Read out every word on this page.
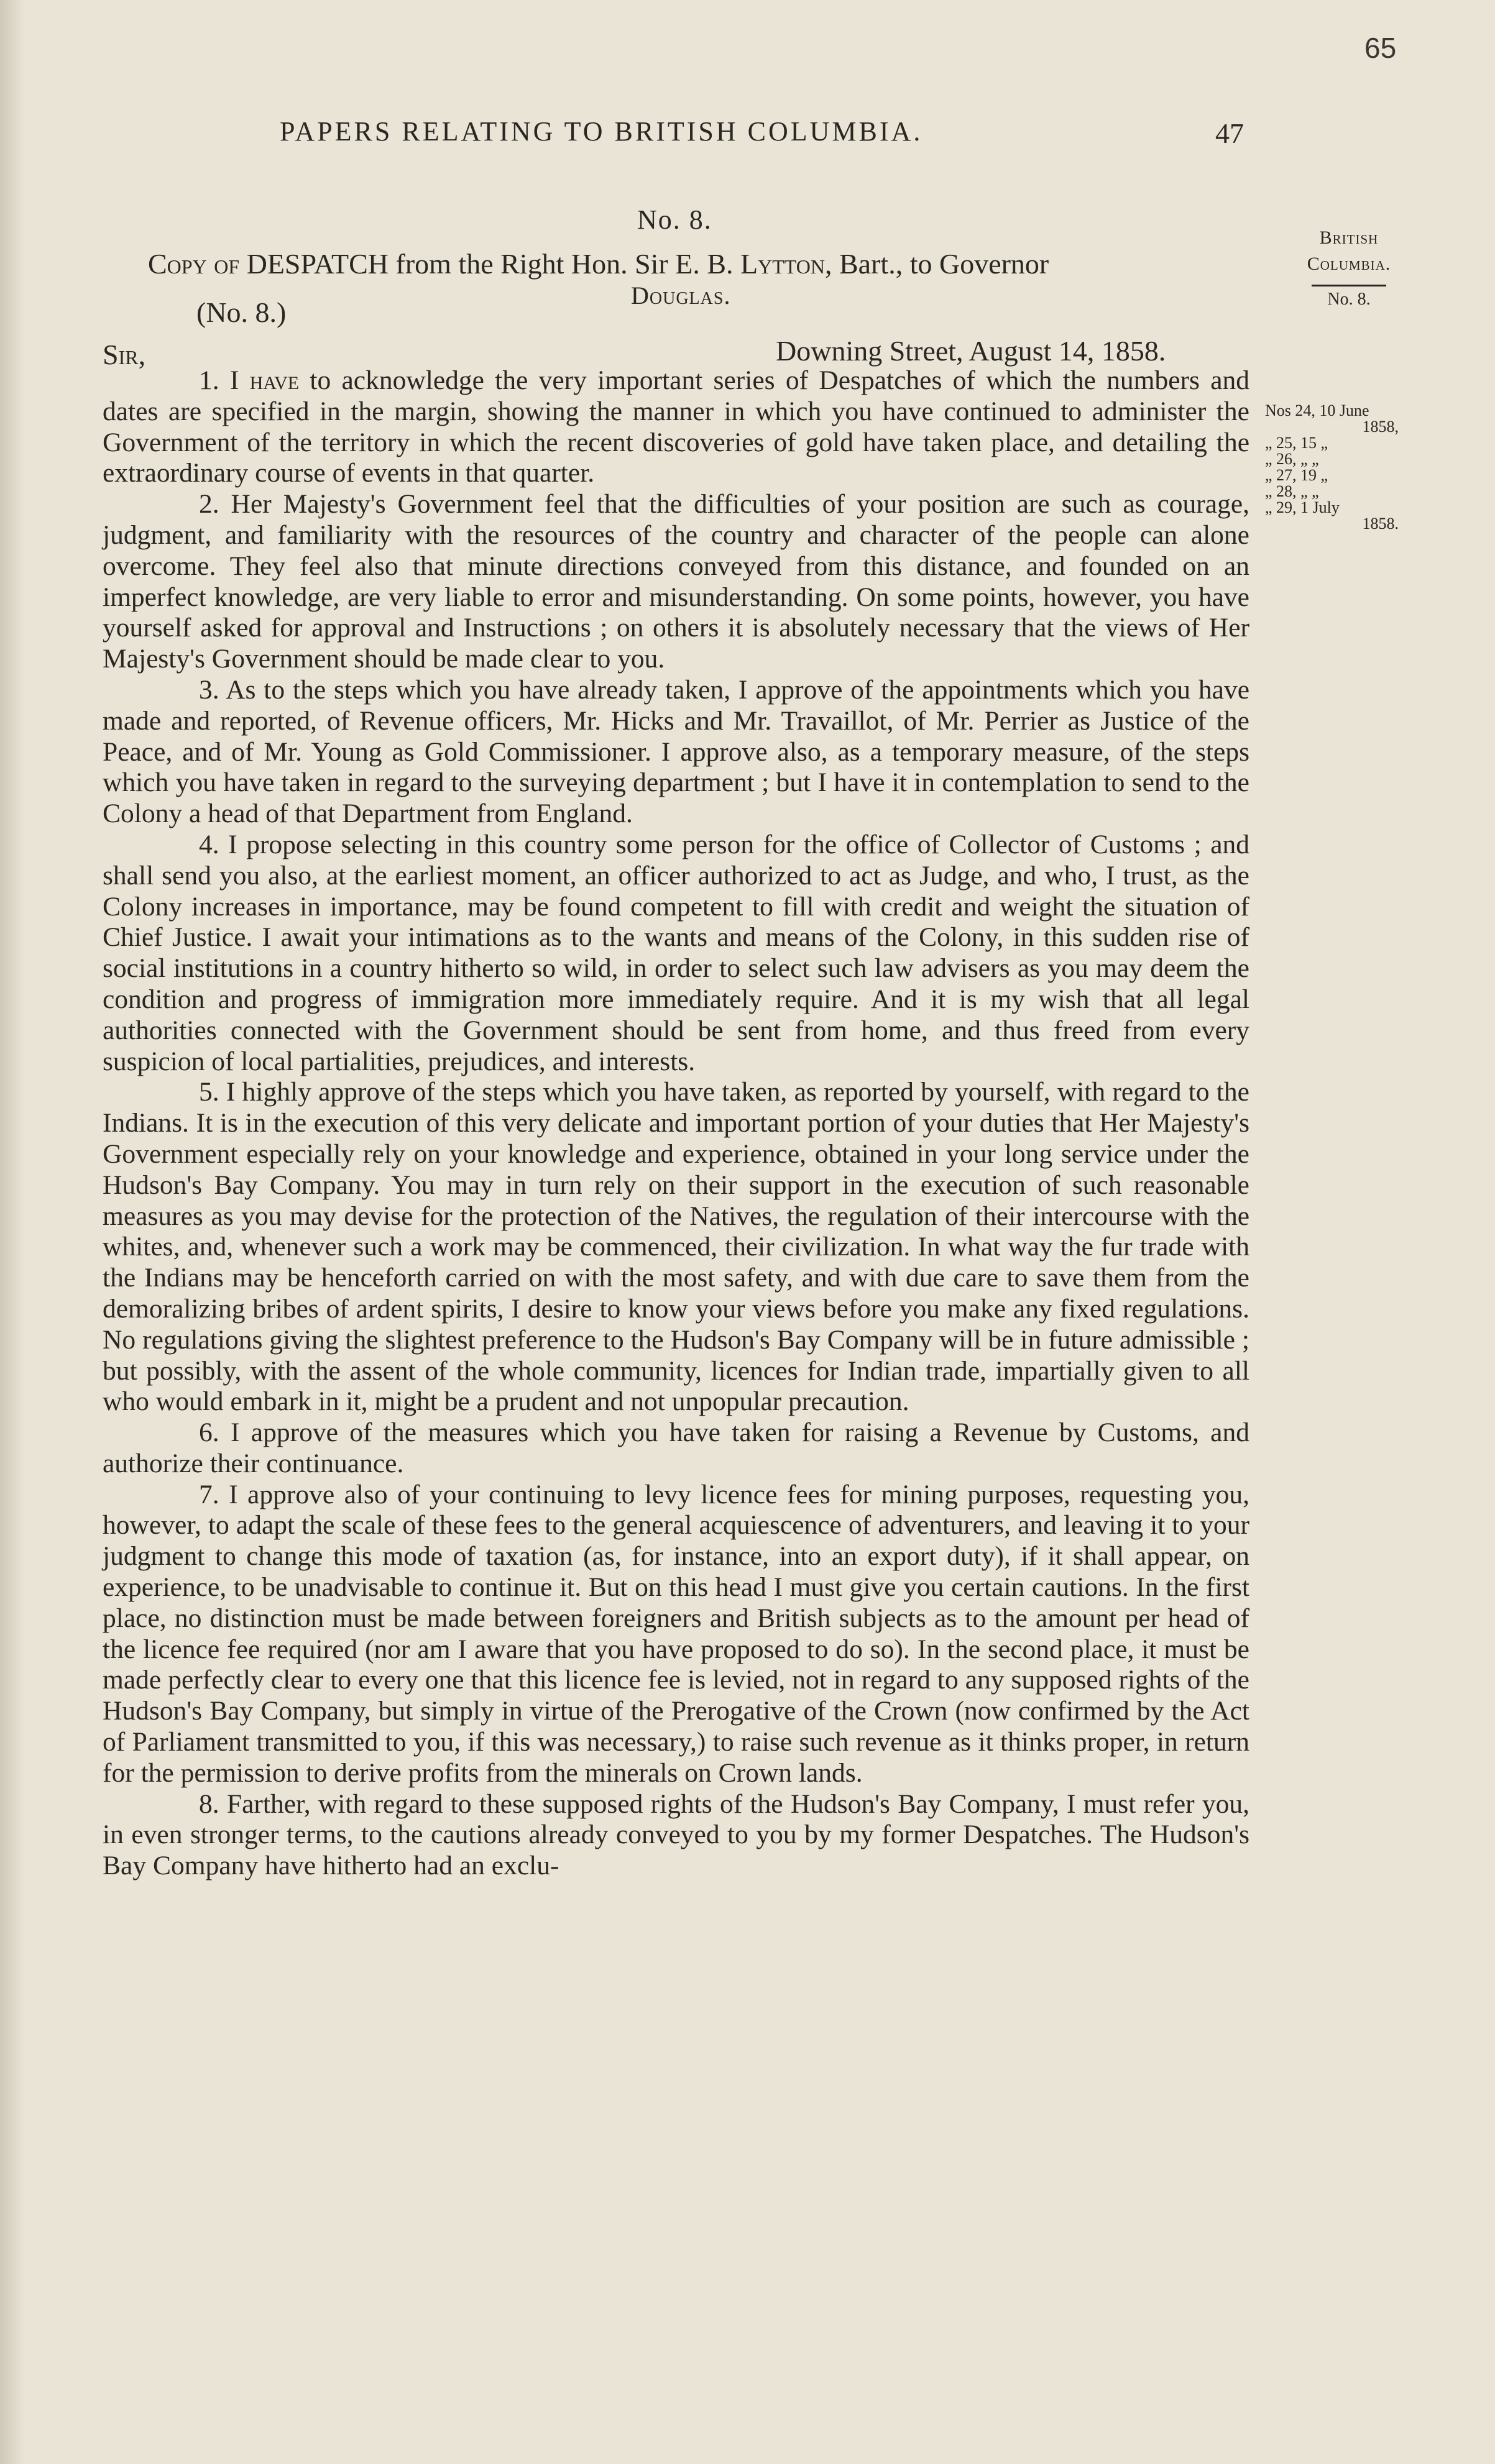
65
PAPERS RELATING TO BRITISH COLUMBIA.	47
No. 8.
Copy of DESPATCH from the Right Hon. Sir E. B. Lytton, Bart., to Governor
Douglas.
(No. 8.)
Sir,	Downing Street, August 14, 1858.

1. I have to acknowledge the very important series of Despatches of which the numbers and dates are specified in the margin, showing the manner in which you have continued to administer the Government of the territory in which the recent discoveries of gold have taken place, and detailing the extraordinary course of events in that quarter.

2. Her Majesty's Government feel that the difficulties of your position are such as courage, judgment, and familiarity with the resources of the country and character of the people can alone overcome. They feel also that minute directions conveyed from this distance, and founded on an imperfect knowledge, are very liable to error and misunderstanding. On some points, however, you have yourself asked for approval and Instructions ; on others it is absolutely necessary that the views of Her Majesty's Government should be made clear to you.

3. As to the steps which you have already taken, I approve of the appointments which you have made and reported, of Revenue officers, Mr. Hicks and Mr. Travaillot, of Mr. Perrier as Justice of the Peace, and of Mr. Young as Gold Commissioner. I approve also, as a temporary measure, of the steps which you have taken in regard to the surveying department ; but I have it in contemplation to send to the Colony a head of that Department from England.

4. I propose selecting in this country some person for the office of Collector of Customs ; and shall send you also, at the earliest moment, an officer authorized to act as Judge, and who, I trust, as the Colony increases in importance, may be found competent to fill with credit and weight the situation of Chief Justice. I await your intimations as to the wants and means of the Colony, in this sudden rise of social institutions in a country hitherto so wild, in order to select such law advisers as you may deem the condition and progress of immigration more immediately require. And it is my wish that all legal authorities connected with the Government should be sent from home, and thus freed from every suspicion of local partialities, prejudices, and interests.

5. I highly approve of the steps which you have taken, as reported by yourself, with regard to the Indians. It is in the execution of this very delicate and important portion of your duties that Her Majesty's Government especially rely on your knowledge and experience, obtained in your long service under the Hudson's Bay Company. You may in turn rely on their support in the execution of such reasonable measures as you may devise for the protection of the Natives, the regulation of their intercourse with the whites, and, whenever such a work may be commenced, their civilization. In what way the fur trade with the Indians may be henceforth carried on with the most safety, and with due care to save them from the demoralizing bribes of ardent spirits, I desire to know your views before you make any fixed regulations. No regulations giving the slightest preference to the Hudson's Bay Company will be in future admissible ; but possibly, with the assent of the whole community, licences for Indian trade, impartially given to all who would embark in it, might be a prudent and not unpopular precaution.

6. I approve of the measures which you have taken for raising a Revenue by Customs, and authorize their continuance.

7. I approve also of your continuing to levy licence fees for mining purposes, requesting you, however, to adapt the scale of these fees to the general acquiescence of adventurers, and leaving it to your judgment to change this mode of taxation (as, for instance, into an export duty), if it shall appear, on experience, to be unadvisable to continue it. But on this head I must give you certain cautions. In the first place, no distinction must be made between foreigners and British subjects as to the amount per head of the licence fee required (nor am I aware that you have proposed to do so). In the second place, it must be made perfectly clear to every one that this licence fee is levied, not in regard to any supposed rights of the Hudson's Bay Company, but simply in virtue of the Prerogative of the Crown (now confirmed by the Act of Parliament transmitted to you, if this was necessary,) to raise such revenue as it thinks proper, in return for the permission to derive profits from the minerals on Crown lands.

8. Farther, with regard to these supposed rights of the Hudson's Bay Company, I must refer you, in even stronger terms, to the cautions already conveyed to you by my former Despatches. The Hudson's Bay Company have hitherto had an exclu-

British
Columbia.
No. 8.
Nos 24, 10 June
1858,
„ 25, 15 „
„ 26, „ „
„ 27, 19 „
„ 28, „ „
„ 29, 1 July
1858.
